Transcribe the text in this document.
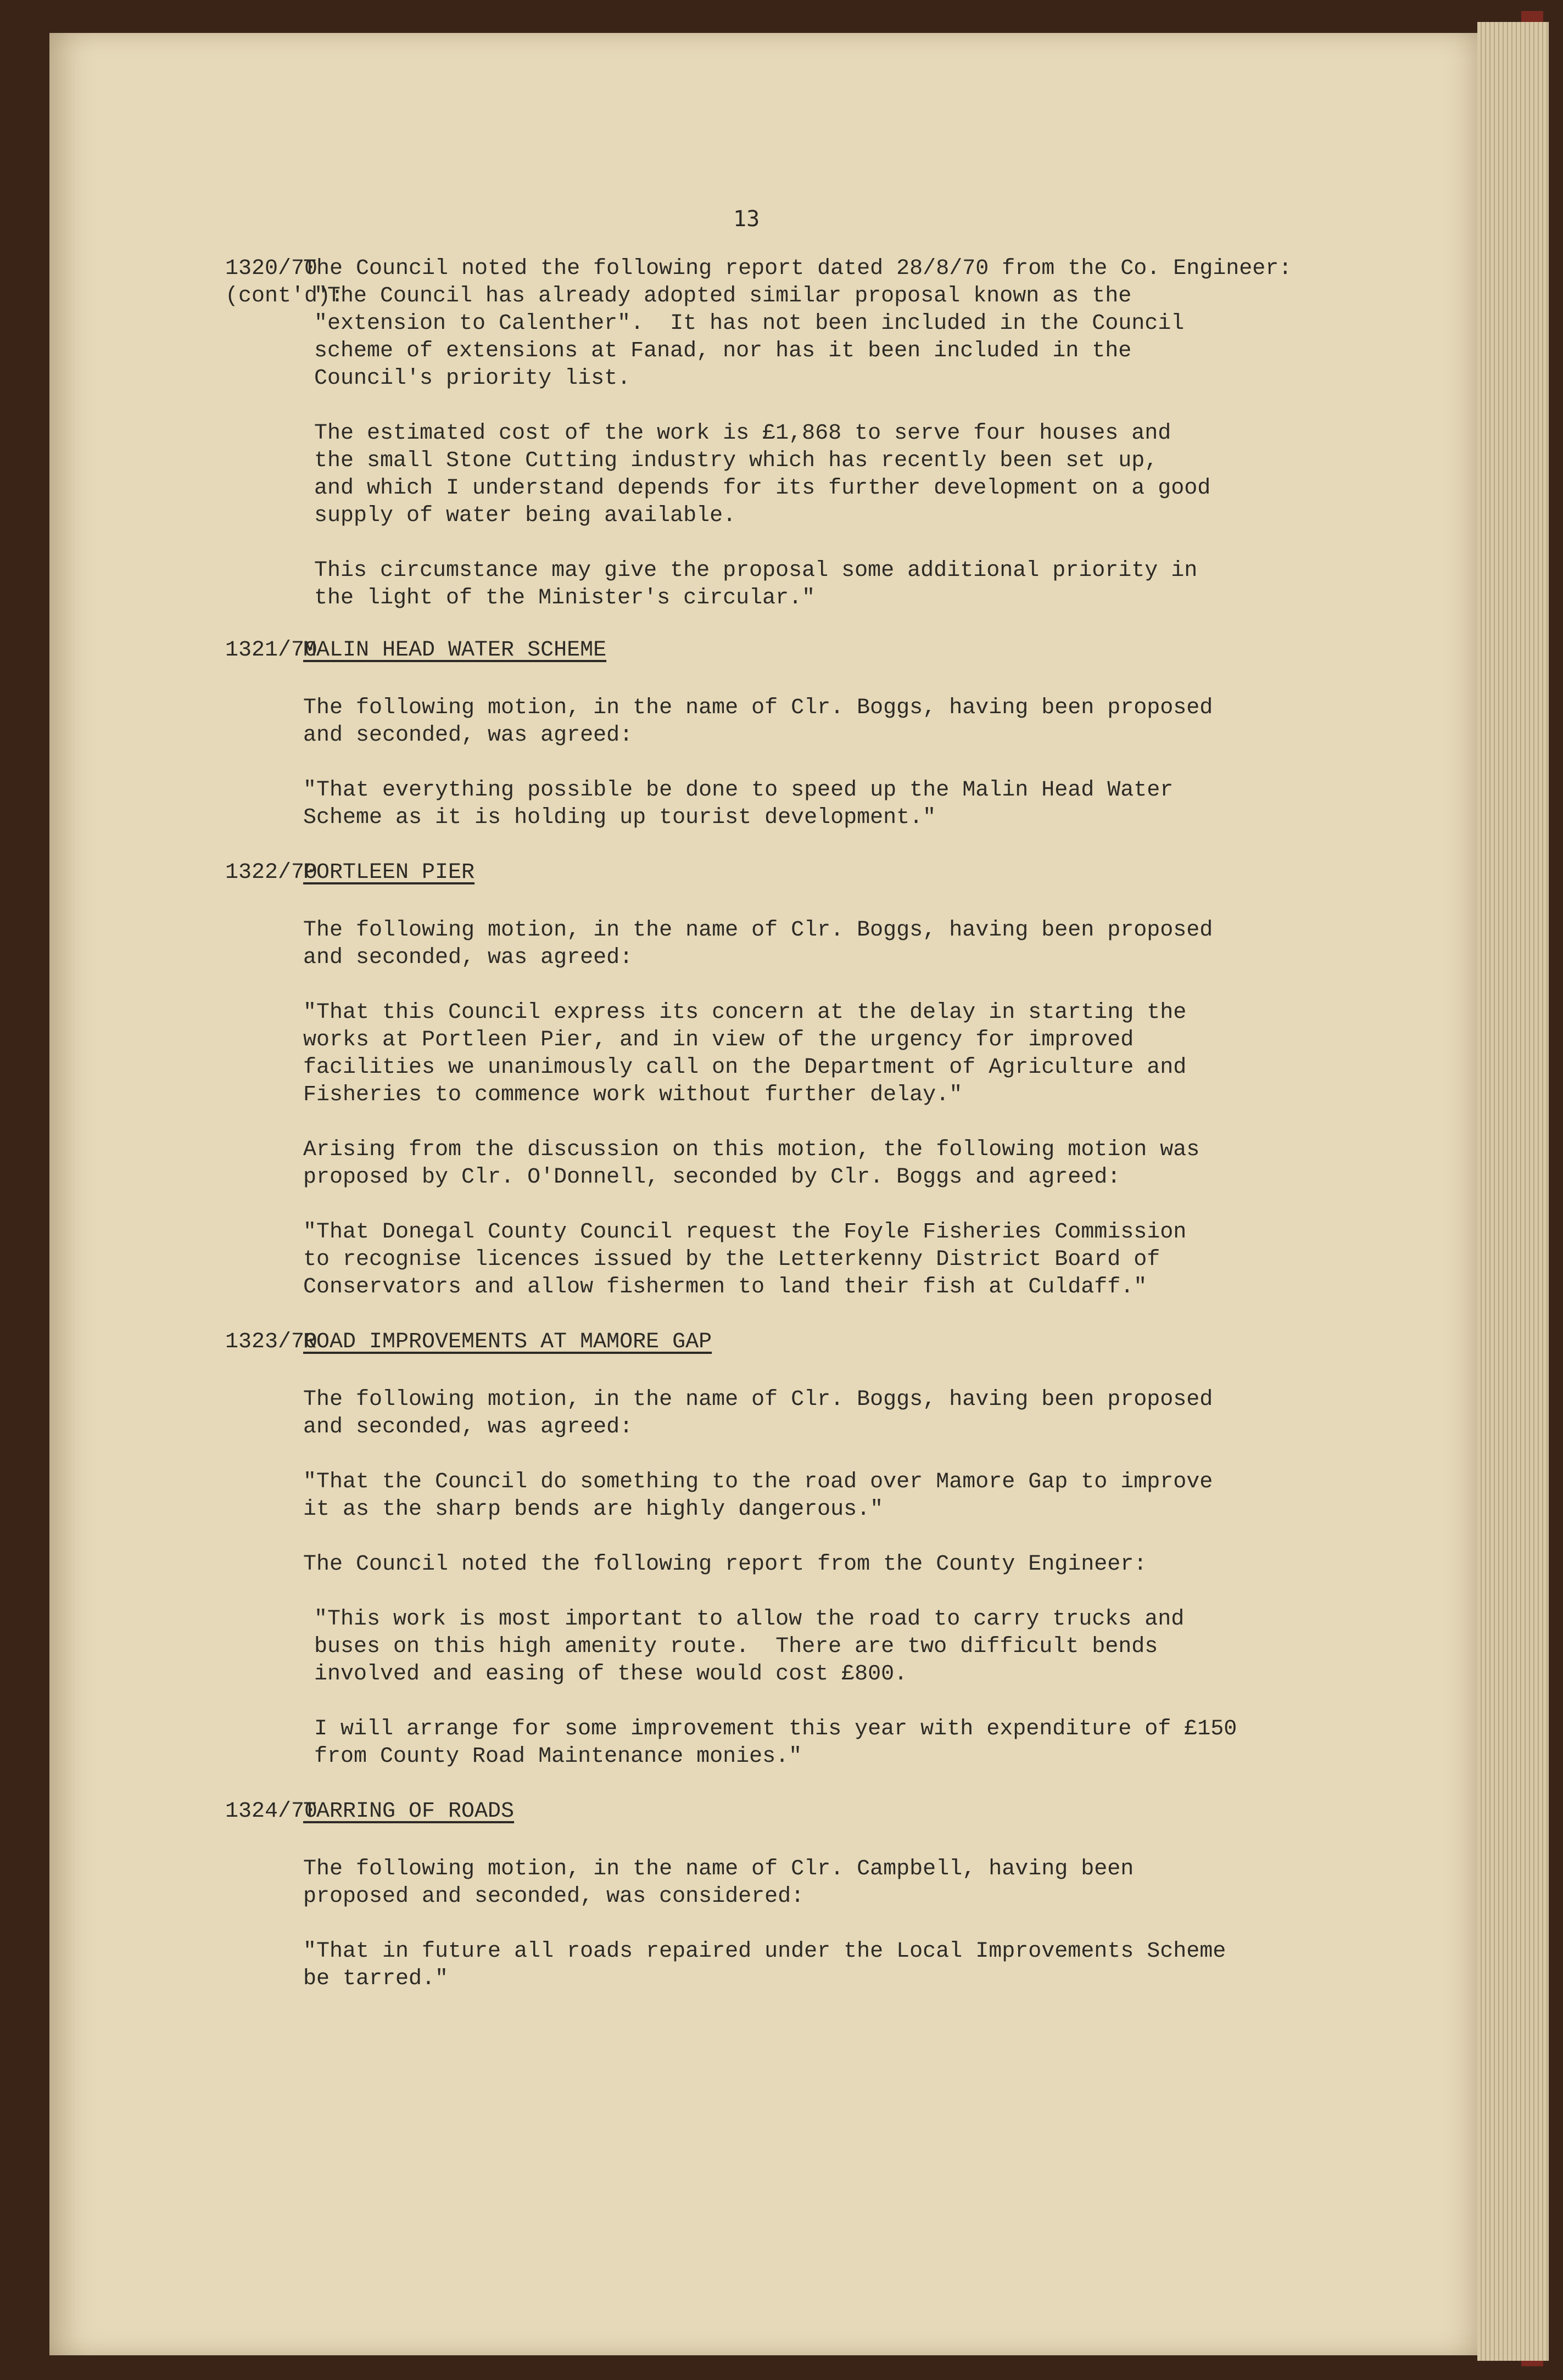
13
1320/70
(cont'd):
The Council noted the following report dated 28/8/70 from the Co. Engineer:
"The Council has already adopted similar proposal known as the
"extension to Calenther".  It has not been included in the Council
scheme of extensions at Fanad, nor has it been included in the
Council's priority list.
The estimated cost of the work is £1,868 to serve four houses and
the small Stone Cutting industry which has recently been set up,
and which I understand depends for its further development on a good
supply of water being available.
This circumstance may give the proposal some additional priority in
the light of the Minister's circular."
1321/70
MALIN HEAD WATER SCHEME
The following motion, in the name of Clr. Boggs, having been proposed
and seconded, was agreed:
"That everything possible be done to speed up the Malin Head Water
Scheme as it is holding up tourist development."
1322/70
PORTLEEN PIER
The following motion, in the name of Clr. Boggs, having been proposed
and seconded, was agreed:
"That this Council express its concern at the delay in starting the
works at Portleen Pier, and in view of the urgency for improved
facilities we unanimously call on the Department of Agriculture and
Fisheries to commence work without further delay."
Arising from the discussion on this motion, the following motion was
proposed by Clr. O'Donnell, seconded by Clr. Boggs and agreed:
"That Donegal County Council request the Foyle Fisheries Commission
to recognise licences issued by the Letterkenny District Board of
Conservators and allow fishermen to land their fish at Culdaff."
1323/70
ROAD IMPROVEMENTS AT MAMORE GAP
The following motion, in the name of Clr. Boggs, having been proposed
and seconded, was agreed:
"That the Council do something to the road over Mamore Gap to improve
it as the sharp bends are highly dangerous."
The Council noted the following report from the County Engineer:
"This work is most important to allow the road to carry trucks and
buses on this high amenity route.  There are two difficult bends
involved and easing of these would cost £800.
I will arrange for some improvement this year with expenditure of £150
from County Road Maintenance monies."
1324/70
TARRING OF ROADS
The following motion, in the name of Clr. Campbell, having been
proposed and seconded, was considered:
"That in future all roads repaired under the Local Improvements Scheme
be tarred."
